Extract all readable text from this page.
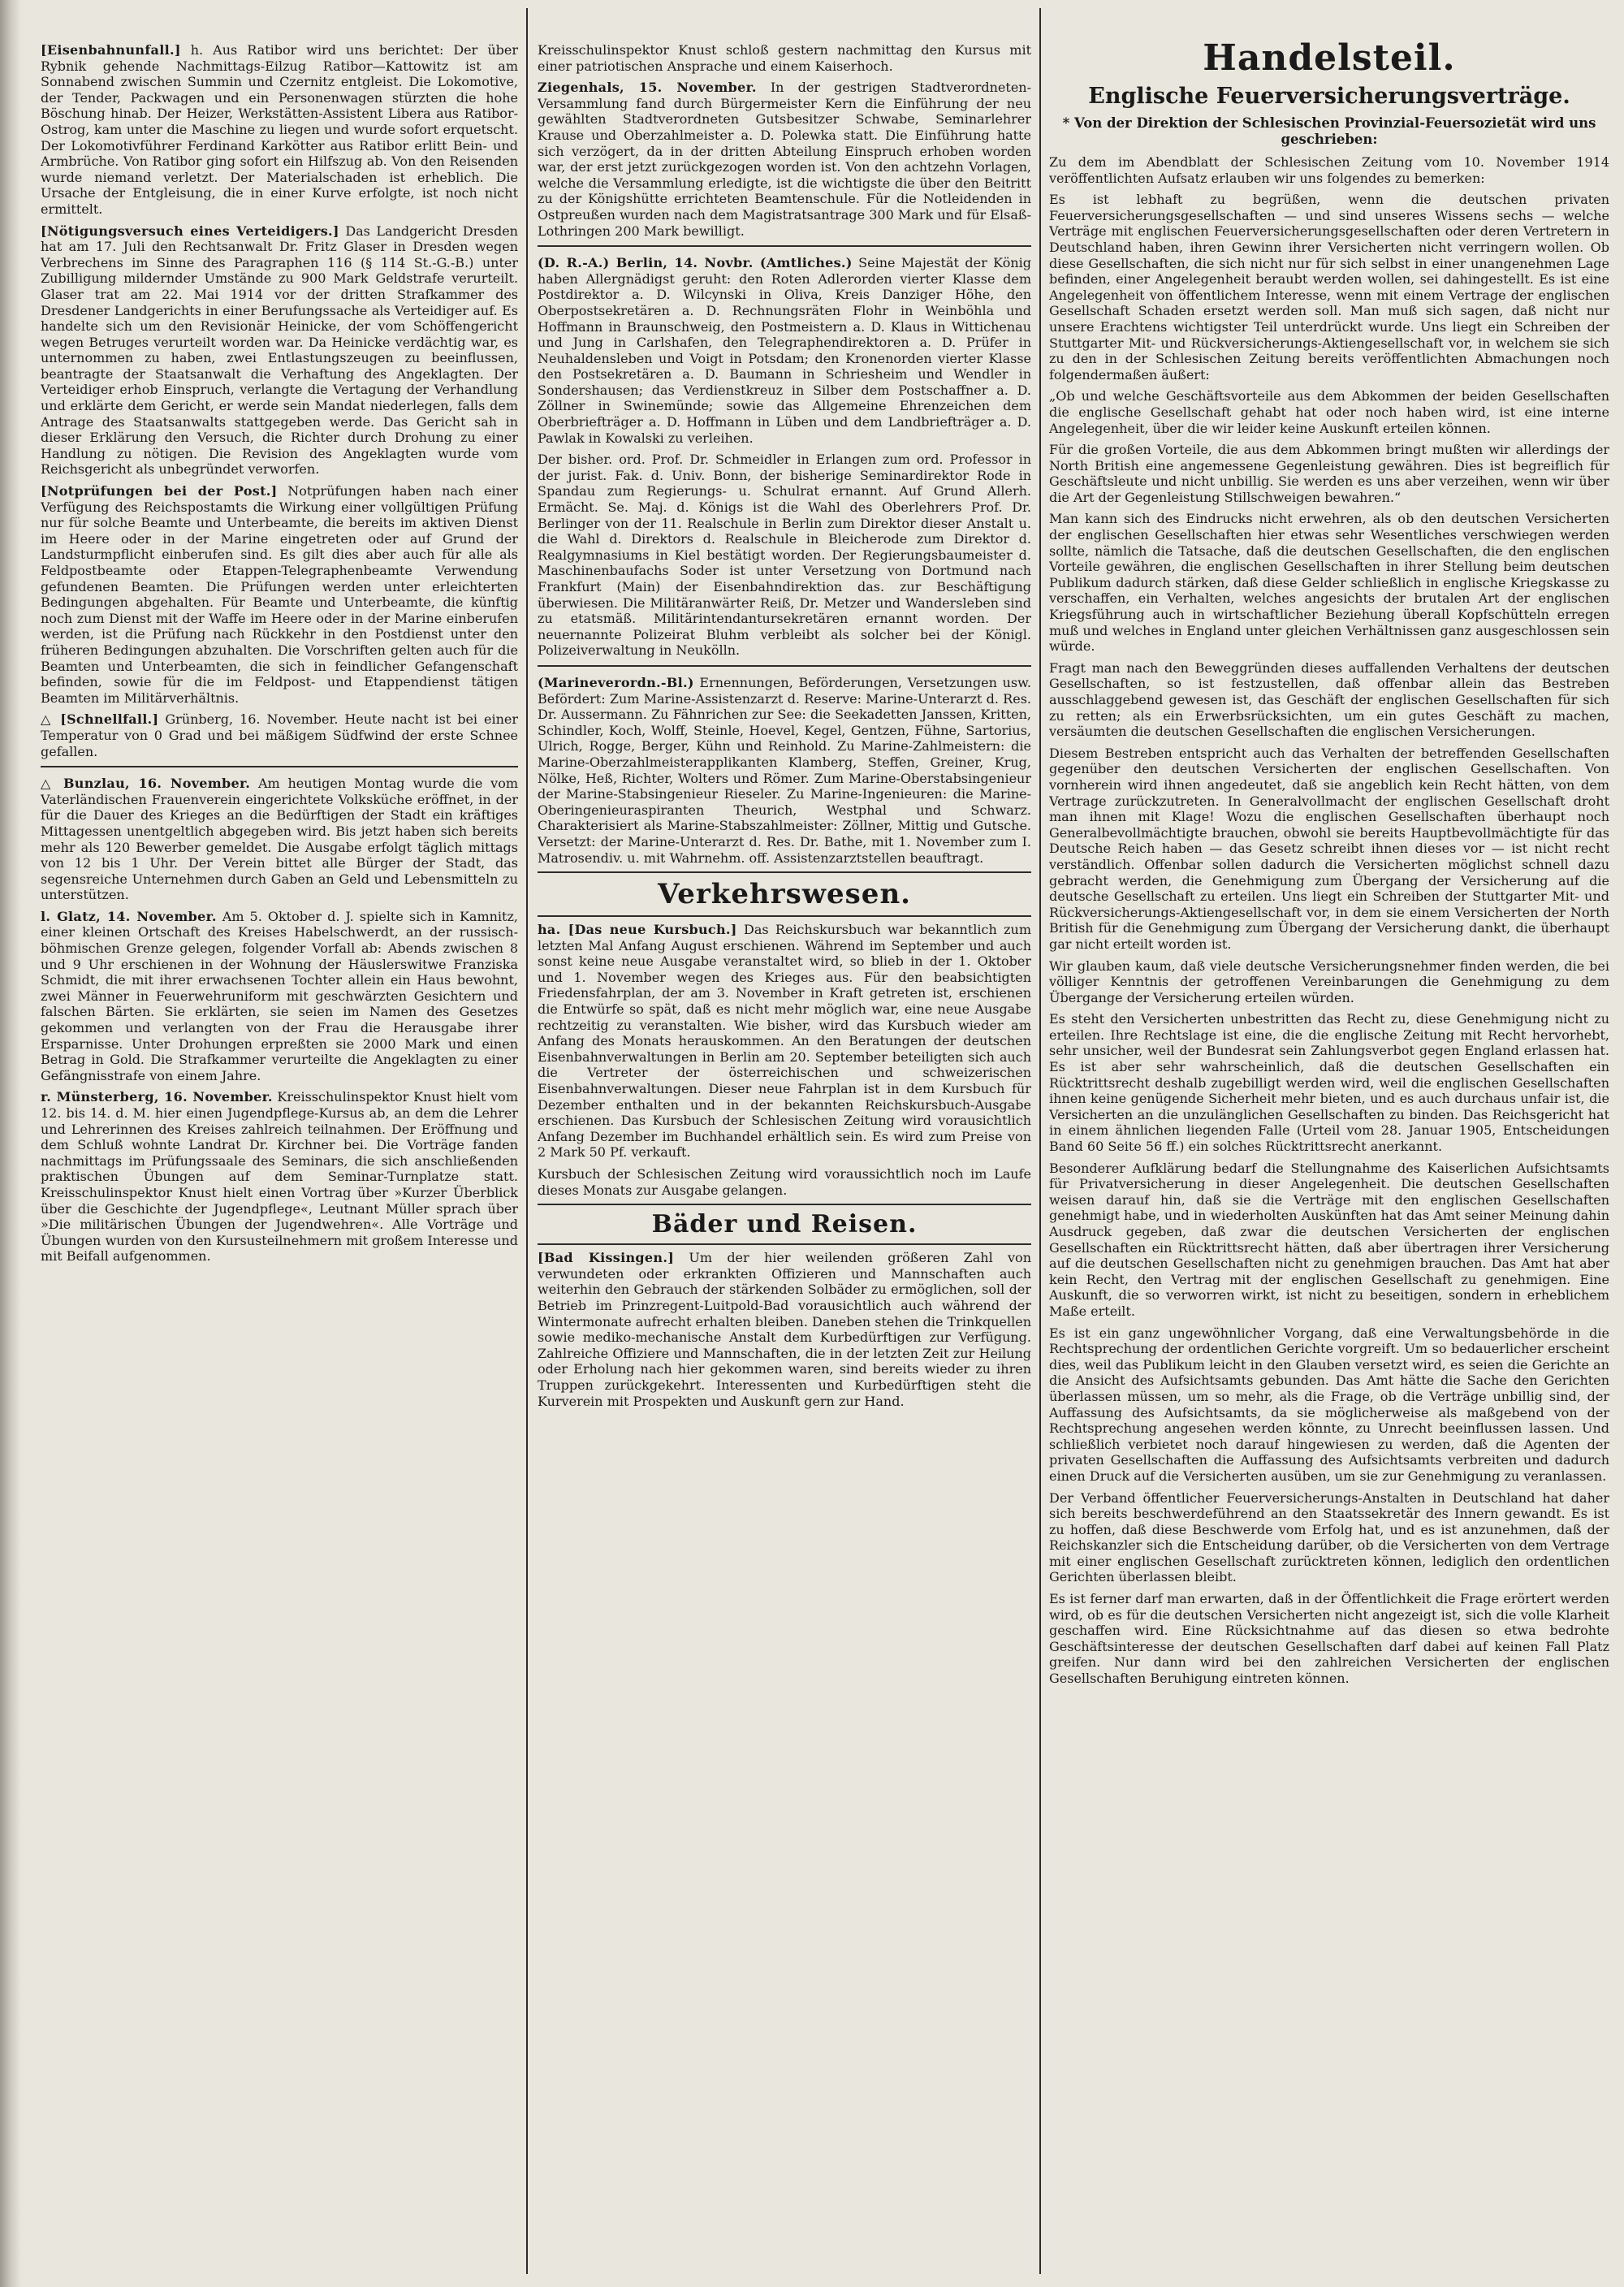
[Eisenbahnunfall.] h. Aus Ratibor wird uns berichtet: Der über Rybnik gehende Nachmittags-Eilzug Ratibor—Kattowitz ist am Sonnabend zwischen Summin und Czernitz entgleist. Die Lokomotive, der Tender, Packwagen und ein Personenwagen stürzten die hohe Böschung hinab. Der Heizer, Werkstätten-Assistent Libera aus Ratibor-Ostrog, kam unter die Maschine zu liegen und wurde sofort erquetscht. Der Lokomotivführer Ferdinand Karkötter aus Ratibor erlitt Bein- und Armbrüche. Von Ratibor ging sofort ein Hilfszug ab. Von den Reisenden wurde niemand verletzt. Der Materialschaden ist erheblich. Die Ursache der Entgleisung, die in einer Kurve erfolgte, ist noch nicht ermittelt.

[Nötigungsversuch eines Verteidigers.] Das Landgericht Dresden hat am 17. Juli den Rechtsanwalt Dr. Fritz Glaser in Dresden wegen Verbrechens im Sinne des Paragraphen 116 (§ 114 St.-G.-B.) unter Zubilligung mildernder Umstände zu 900 Mark Geldstrafe verurteilt. Glaser trat am 22. Mai 1914 vor der dritten Strafkammer des Dresdener Landgerichts in einer Berufungssache als Verteidiger auf. Es handelte sich um den Revisionär Heinicke, der vom Schöffengericht wegen Betruges verurteilt worden war. Da Heinicke verdächtig war, es unternommen zu haben, zwei Entlastungszeugen zu beeinflussen, beantragte der Staatsanwalt die Verhaftung des Angeklagten. Der Verteidiger erhob Einspruch, verlangte die Vertagung der Verhandlung und erklärte dem Gericht, er werde sein Mandat niederlegen, falls dem Antrage des Staatsanwalts stattgegeben werde. Das Gericht sah in dieser Erklärung den Versuch, die Richter durch Drohung zu einer Handlung zu nötigen. Die Revision des Angeklagten wurde vom Reichsgericht als unbegründet verworfen.

[Notprüfungen bei der Post.] Notprüfungen haben nach einer Verfügung des Reichspostamts die Wirkung einer vollgültigen Prüfung nur für solche Beamte und Unterbeamte, die bereits im aktiven Dienst im Heere oder in der Marine eingetreten oder auf Grund der Landsturmpflicht einberufen sind. Es gilt dies aber auch für alle als Feldpostbeamte oder Etappen-Telegraphenbeamte Verwendung gefundenen Beamten. Die Prüfungen werden unter erleichterten Bedingungen abgehalten. Für Beamte und Unterbeamte, die künftig noch zum Dienst mit der Waffe im Heere oder in der Marine einberufen werden, ist die Prüfung nach Rückkehr in den Postdienst unter den früheren Bedingungen abzuhalten. Die Vorschriften gelten auch für die Beamten und Unterbeamten, die sich in feindlicher Gefangenschaft befinden, sowie für die im Feldpost- und Etappendienst tätigen Beamten im Militärverhältnis.

△ [Schnellfall.] Grünberg, 16. November. Heute nacht ist bei einer Temperatur von 0 Grad und bei mäßigem Südfwind der erste Schnee gefallen.

△ Bunzlau, 16. November. Am heutigen Montag wurde die vom Vaterländischen Frauenverein eingerichtete Volksküche eröffnet, in der für die Dauer des Krieges an die Bedürftigen der Stadt ein kräftiges Mittagessen unentgeltlich abgegeben wird. Bis jetzt haben sich bereits mehr als 120 Bewerber gemeldet. Die Ausgabe erfolgt täglich mittags von 12 bis 1 Uhr. Der Verein bittet alle Bürger der Stadt, das segensreiche Unternehmen durch Gaben an Geld und Lebensmitteln zu unterstützen.

l. Glatz, 14. November. Am 5. Oktober d. J. spielte sich in Kamnitz, einer kleinen Ortschaft des Kreises Habelschwerdt, an der russisch-böhmischen Grenze gelegen, folgender Vorfall ab: Abends zwischen 8 und 9 Uhr erschienen in der Wohnung der Häuslerswitwe Franziska Schmidt, die mit ihrer erwachsenen Tochter allein ein Haus bewohnt, zwei Männer in Feuerwehruniform mit geschwärzten Gesichtern und falschen Bärten. Sie erklärten, sie seien im Namen des Gesetzes gekommen und verlangten von der Frau die Herausgabe ihrer Ersparnisse. Unter Drohungen erpreßten sie 2000 Mark und einen Betrag in Gold. Die Strafkammer verurteilte die Angeklagten zu einer Gefängnisstrafe von einem Jahre.

r. Münsterberg, 16. November. Kreisschulinspektor Knust hielt vom 12. bis 14. d. M. hier einen Jugendpflege-Kursus ab, an dem die Lehrer und Lehrerinnen des Kreises zahlreich teilnahmen. Der Eröffnung und dem Schluß wohnte Landrat Dr. Kirchner bei. Die Vorträge fanden nachmittags im Prüfungssaale des Seminars, die sich anschließenden praktischen Übungen auf dem Seminar-Turnplatze statt. Kreisschulinspektor Knust hielt einen Vortrag über »Kurzer Überblick über die Geschichte der Jugendpflege«, Leutnant Müller sprach über »Die militärischen Übungen der Jugendwehren«. Alle Vorträge und Übungen wurden von den Kursusteilnehmern mit großem Interesse und mit Beifall aufgenommen.

Kreisschulinspektor Knust schloß gestern nachmittag den Kursus mit einer patriotischen Ansprache und einem Kaiserhoch.

Ziegenhals, 15. November. In der gestrigen Stadtverordneten-Versammlung fand durch Bürgermeister Kern die Einführung der neu gewählten Stadtverordneten Gutsbesitzer Schwabe, Seminarlehrer Krause und Oberzahlmeister a. D. Polewka statt. Die Einführung hatte sich verzögert, da in der dritten Abteilung Einspruch erhoben worden war, der erst jetzt zurückgezogen worden ist. Von den achtzehn Vorlagen, welche die Versammlung erledigte, ist die wichtigste die über den Beitritt zu der Königshütte errichteten Beamtenschule. Für die Notleidenden in Ostpreußen wurden nach dem Magistratsantrage 300 Mark und für Elsaß-Lothringen 200 Mark bewilligt.

(D. R.-A.) Berlin, 14. Novbr. (Amtliches.) Seine Majestät der König haben Allergnädigst geruht: den Roten Adlerorden vierter Klasse dem Postdirektor a. D. Wilcynski in Oliva, Kreis Danziger Höhe, den Oberpostsekretären a. D. Rechnungsräten Flohr in Weinböhla und Hoffmann in Braunschweig, den Postmeistern a. D. Klaus in Wittichenau und Jung in Carlshafen, den Telegraphendirektoren a. D. Prüfer in Neuhaldensleben und Voigt in Potsdam; den Kronenorden vierter Klasse den Postsekretären a. D. Baumann in Schriesheim und Wendler in Sondershausen; das Verdienstkreuz in Silber dem Postschaffner a. D. Zöllner in Swinemünde; sowie das Allgemeine Ehrenzeichen dem Oberbriefträger a. D. Hoffmann in Lüben und dem Landbriefträger a. D. Pawlak in Kowalski zu verleihen.

Der bisher. ord. Prof. Dr. Schmeidler in Erlangen zum ord. Professor in der jurist. Fak. d. Univ. Bonn, der bisherige Seminardirektor Rode in Spandau zum Regierungs- u. Schulrat ernannt. Auf Grund Allerh. Ermächt. Se. Maj. d. Königs ist die Wahl des Oberlehrers Prof. Dr. Berlinger von der 11. Realschule in Berlin zum Direktor dieser Anstalt u. die Wahl d. Direktors d. Realschule in Bleicherode zum Direktor d. Realgymnasiums in Kiel bestätigt worden. Der Regierungsbaumeister d. Maschinenbaufachs Soder ist unter Versetzung von Dortmund nach Frankfurt (Main) der Eisenbahndirektion das. zur Beschäftigung überwiesen. Die Militäranwärter Reiß, Dr. Metzer und Wandersleben sind zu etatsmäß. Militärintendantursekretären ernannt worden. Der neuernannte Polizeirat Bluhm verbleibt als solcher bei der Königl. Polizeiverwaltung in Neukölln.

(Marineverordn.-Bl.) Ernennungen, Beförderungen, Versetzungen usw. Befördert: Zum Marine-Assistenzarzt d. Reserve: Marine-Unterarzt d. Res. Dr. Aussermann. Zu Fähnrichen zur See: die Seekadetten Janssen, Kritten, Schindler, Koch, Wolff, Steinle, Hoevel, Kegel, Gentzen, Fühne, Sartorius, Ulrich, Rogge, Berger, Kühn und Reinhold. Zu Marine-Zahlmeistern: die Marine-Oberzahlmeisterapplikanten Klamberg, Steffen, Greiner, Krug, Nölke, Heß, Richter, Wolters und Römer. Zum Marine-Oberstabsingenieur der Marine-Stabsingenieur Rieseler. Zu Marine-Ingenieuren: die Marine-Oberingenieuraspiranten Theurich, Westphal und Schwarz. Charakterisiert als Marine-Stabszahlmeister: Zöllner, Mittig und Gutsche. Versetzt: der Marine-Unterarzt d. Res. Dr. Bathe, mit 1. November zum I. Matrosendiv. u. mit Wahrnehm. off. Assistenzarztstellen beauftragt.

Verkehrswesen.

ha. [Das neue Kursbuch.] Das Reichskursbuch war bekanntlich zum letzten Mal Anfang August erschienen. Während im September und auch sonst keine neue Ausgabe veranstaltet wird, so blieb in der 1. Oktober und 1. November wegen des Krieges aus. Für den beabsichtigten Friedensfahrplan, der am 3. November in Kraft getreten ist, erschienen die Entwürfe so spät, daß es nicht mehr möglich war, eine neue Ausgabe rechtzeitig zu veranstalten. Wie bisher, wird das Kursbuch wieder am Anfang des Monats herauskommen. An den Beratungen der deutschen Eisenbahnverwaltungen in Berlin am 20. September beteiligten sich auch die Vertreter der österreichischen und schweizerischen Eisenbahnverwaltungen. Dieser neue Fahrplan ist in dem Kursbuch für Dezember enthalten und in der bekannten Reichskursbuch-Ausgabe erschienen. Das Kursbuch der Schlesischen Zeitung wird vorausichtlich Anfang Dezember im Buchhandel erhältlich sein. Es wird zum Preise von 2 Mark 50 Pf. verkauft.

Kursbuch der Schlesischen Zeitung wird voraussichtlich noch im Laufe dieses Monats zur Ausgabe gelangen.

Bäder und Reisen.

[Bad Kissingen.] Um der hier weilenden größeren Zahl von verwundeten oder erkrankten Offizieren und Mannschaften auch weiterhin den Gebrauch der stärkenden Solbäder zu ermöglichen, soll der Betrieb im Prinzregent-Luitpold-Bad vorausichtlich auch während der Wintermonate aufrecht erhalten bleiben. Daneben stehen die Trinkquellen sowie mediko-mechanische Anstalt dem Kurbedürftigen zur Verfügung. Zahlreiche Offiziere und Mannschaften, die in der letzten Zeit zur Heilung oder Erholung nach hier gekommen waren, sind bereits wieder zu ihren Truppen zurückgekehrt. Interessenten und Kurbedürftigen steht die Kurverein mit Prospekten und Auskunft gern zur Hand.

Handelsteil.
Englische Feuerversicherungsverträge.
* Von der Direktion der Schlesischen Provinzial-Feuersozietät wird uns geschrieben:

Zu dem im Abendblatt der Schlesischen Zeitung vom 10. November 1914 veröffentlichten Aufsatz erlauben wir uns folgendes zu bemerken:

Es ist lebhaft zu begrüßen, wenn die deutschen privaten Feuerversicherungsgesellschaften — und sind unseres Wissens sechs — welche Verträge mit englischen Feuerversicherungsgesellschaften oder deren Vertretern in Deutschland haben, ihren Gewinn ihrer Versicherten nicht verringern wollen. Ob diese Gesellschaften, die sich nicht nur für sich selbst in einer unangenehmen Lage befinden, einer Angelegenheit beraubt werden wollen, sei dahingestellt. Es ist eine Angelegenheit von öffentlichem Interesse, wenn mit einem Vertrage der englischen Gesellschaft Schaden ersetzt werden soll. Man muß sich sagen, daß nicht nur unsere Erachtens wichtigster Teil unterdrückt wurde. Uns liegt ein Schreiben der Stuttgarter Mit- und Rückversicherungs-Aktiengesellschaft vor, in welchem sie sich zu den in der Schlesischen Zeitung bereits veröffentlichten Abmachungen noch folgendermaßen äußert:

„Ob und welche Geschäftsvorteile aus dem Abkommen der beiden Gesellschaften die englische Gesellschaft gehabt hat oder noch haben wird, ist eine interne Angelegenheit, über die wir leider keine Auskunft erteilen können.

Für die großen Vorteile, die aus dem Abkommen bringt mußten wir allerdings der North British eine angemessene Gegenleistung gewähren. Dies ist begreiflich für Geschäftsleute und nicht unbillig. Sie werden es uns aber verzeihen, wenn wir über die Art der Gegenleistung Stillschweigen bewahren.“

Man kann sich des Eindrucks nicht erwehren, als ob den deutschen Versicherten der englischen Gesellschaften hier etwas sehr Wesentliches verschwiegen werden sollte, nämlich die Tatsache, daß die deutschen Gesellschaften, die den englischen Vorteile gewähren, die englischen Gesellschaften in ihrer Stellung beim deutschen Publikum dadurch stärken, daß diese Gelder schließlich in englische Kriegskasse zu verschaffen, ein Verhalten, welches angesichts der brutalen Art der englischen Kriegsführung auch in wirtschaftlicher Beziehung überall Kopfschütteln erregen muß und welches in England unter gleichen Verhältnissen ganz ausgeschlossen sein würde.

Fragt man nach den Beweggründen dieses auffallenden Verhaltens der deutschen Gesellschaften, so ist festzustellen, daß offenbar allein das Bestreben ausschlaggebend gewesen ist, das Geschäft der englischen Gesellschaften für sich zu retten; als ein Erwerbsrücksichten, um ein gutes Geschäft zu machen, versäumten die deutschen Gesellschaften die englischen Versicherungen.

Diesem Bestreben entspricht auch das Verhalten der betreffenden Gesellschaften gegenüber den deutschen Versicherten der englischen Gesellschaften. Von vornherein wird ihnen angedeutet, daß sie angeblich kein Recht hätten, von dem Vertrage zurückzutreten. In Generalvollmacht der englischen Gesellschaft droht man ihnen mit Klage! Wozu die englischen Gesellschaften überhaupt noch Generalbevollmächtigte brauchen, obwohl sie bereits Hauptbevollmächtigte für das Deutsche Reich haben — das Gesetz schreibt ihnen dieses vor — ist nicht recht verständlich. Offenbar sollen dadurch die Versicherten möglichst schnell dazu gebracht werden, die Genehmigung zum Übergang der Versicherung auf die deutsche Gesellschaft zu erteilen. Uns liegt ein Schreiben der Stuttgarter Mit- und Rückversicherungs-Aktiengesellschaft vor, in dem sie einem Versicherten der North British für die Genehmigung zum Übergang der Versicherung dankt, die überhaupt gar nicht erteilt worden ist.

Wir glauben kaum, daß viele deutsche Versicherungsnehmer finden werden, die bei völliger Kenntnis der getroffenen Vereinbarungen die Genehmigung zu dem Übergange der Versicherung erteilen würden.

Es steht den Versicherten unbestritten das Recht zu, diese Genehmigung nicht zu erteilen. Ihre Rechtslage ist eine, die die englische Zeitung mit Recht hervorhebt, sehr unsicher, weil der Bundesrat sein Zahlungsverbot gegen England erlassen hat. Es ist aber sehr wahrscheinlich, daß die deutschen Gesellschaften ein Rücktrittsrecht deshalb zugebilligt werden wird, weil die englischen Gesellschaften ihnen keine genügende Sicherheit mehr bieten, und es auch durchaus unfair ist, die Versicherten an die unzulänglichen Gesellschaften zu binden. Das Reichsgericht hat in einem ähnlichen liegenden Falle (Urteil vom 28. Januar 1905, Entscheidungen Band 60 Seite 56 ff.) ein solches Rücktrittsrecht anerkannt.

Besonderer Aufklärung bedarf die Stellungnahme des Kaiserlichen Aufsichtsamts für Privatversicherung in dieser Angelegenheit. Die deutschen Gesellschaften weisen darauf hin, daß sie die Verträge mit den englischen Gesellschaften genehmigt habe, und in wiederholten Auskünften hat das Amt seiner Meinung dahin Ausdruck gegeben, daß zwar die deutschen Versicherten der englischen Gesellschaften ein Rücktrittsrecht hätten, daß aber übertragen ihrer Versicherung auf die deutschen Gesellschaften nicht zu genehmigen brauchen. Das Amt hat aber kein Recht, den Vertrag mit der englischen Gesellschaft zu genehmigen. Eine Auskunft, die so verworren wirkt, ist nicht zu beseitigen, sondern in erheblichem Maße erteilt.

Es ist ein ganz ungewöhnlicher Vorgang, daß eine Verwaltungsbehörde in die Rechtsprechung der ordentlichen Gerichte vorgreift. Um so bedauerlicher erscheint dies, weil das Publikum leicht in den Glauben versetzt wird, es seien die Gerichte an die Ansicht des Aufsichtsamts gebunden. Das Amt hätte die Sache den Gerichten überlassen müssen, um so mehr, als die Frage, ob die Verträge unbillig sind, der Auffassung des Aufsichtsamts, da sie möglicherweise als maßgebend von der Rechtsprechung angesehen werden könnte, zu Unrecht beeinflussen lassen. Und schließlich verbietet noch darauf hingewiesen zu werden, daß die Agenten der privaten Gesellschaften die Auffassung des Aufsichtsamts verbreiten und dadurch einen Druck auf die Versicherten ausüben, um sie zur Genehmigung zu veranlassen.

Der Verband öffentlicher Feuerversicherungs-Anstalten in Deutschland hat daher sich bereits beschwerdeführend an den Staatssekretär des Innern gewandt. Es ist zu hoffen, daß diese Beschwerde vom Erfolg hat, und es ist anzunehmen, daß der Reichskanzler sich die Entscheidung darüber, ob die Versicherten von dem Vertrage mit einer englischen Gesellschaft zurücktreten können, lediglich den ordentlichen Gerichten überlassen bleibt.

Es ist ferner darf man erwarten, daß in der Öffentlichkeit die Frage erörtert werden wird, ob es für die deutschen Versicherten nicht angezeigt ist, sich die volle Klarheit geschaffen wird. Eine Rücksichtnahme auf das diesen so etwa bedrohte Geschäftsinteresse der deutschen Gesellschaften darf dabei auf keinen Fall Platz greifen. Nur dann wird bei den zahlreichen Versicherten der englischen Gesellschaften Beruhigung eintreten können.
